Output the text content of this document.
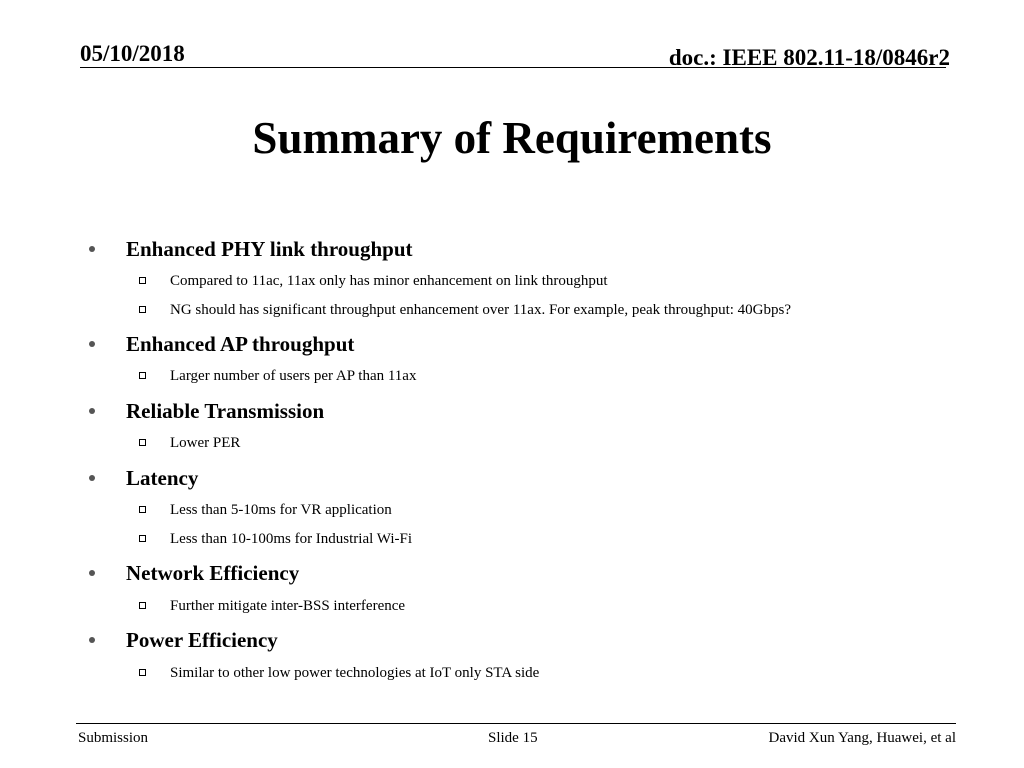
05/10/2018	doc.: IEEE 802.11-18/0846r2
Summary of Requirements
Enhanced PHY link throughput
Compared to 11ac, 11ax only has minor enhancement on link throughput
NG should has significant throughput enhancement over 11ax. For example, peak throughput: 40Gbps?
Enhanced AP throughput
Larger number of users per AP than 11ax
Reliable Transmission
Lower PER
Latency
Less than 5-10ms for VR application
Less than 10-100ms for Industrial Wi-Fi
Network Efficiency
Further mitigate inter-BSS interference
Power Efficiency
Similar to other low power technologies at IoT only STA side
Submission	Slide 15	David Xun Yang, Huawei, et al
